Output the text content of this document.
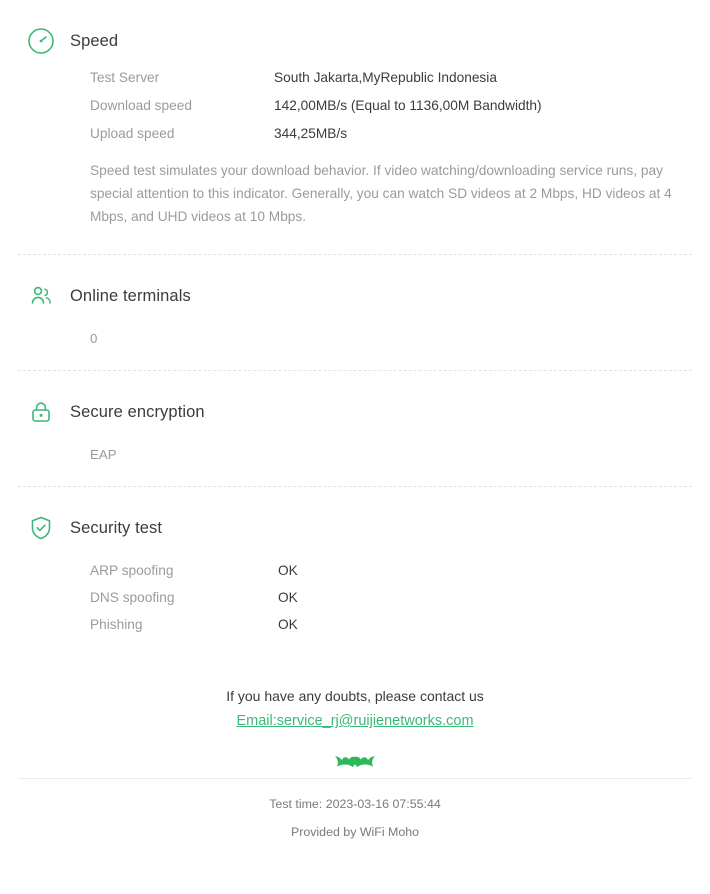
Speed
Test Server	South Jakarta,MyRepublic Indonesia
Download speed	142,00MB/s (Equal to 1136,00M Bandwidth)
Upload speed	344,25MB/s
Speed test simulates your download behavior. If video watching/downloading service runs, pay special attention to this indicator. Generally, you can watch SD videos at 2 Mbps, HD videos at 4 Mbps, and UHD videos at 10 Mbps.
Online terminals
0
Secure encryption
EAP
Security test
ARP spoofing	OK
DNS spoofing	OK
Phishing	OK
If you have any doubts, please contact us
Email:service_rj@ruijienetworks.com
Test time: 2023-03-16 07:55:44
Provided by WiFi Moho
